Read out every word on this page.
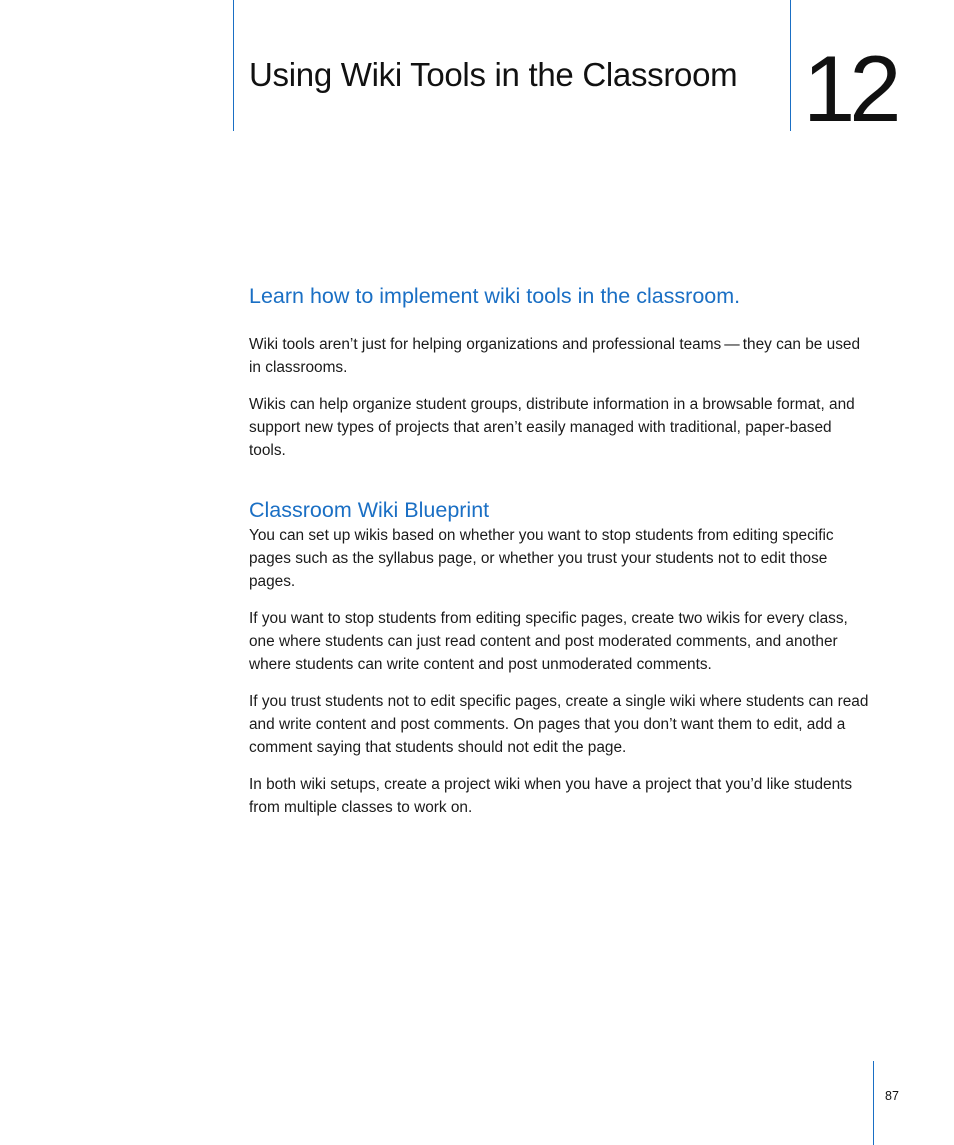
Using Wiki Tools in the Classroom 12
Learn how to implement wiki tools in the classroom.

Wiki tools aren’t just for helping organizations and professional teams — they can be used in classrooms.

Wikis can help organize student groups, distribute information in a browsable format, and support new types of projects that aren’t easily managed with traditional, paper-based tools.

Classroom Wiki Blueprint

You can set up wikis based on whether you want to stop students from editing specific pages such as the syllabus page, or whether you trust your students not to edit those pages.

If you want to stop students from editing specific pages, create two wikis for every class, one where students can just read content and post moderated comments, and another where students can write content and post unmoderated comments.

If you trust students not to edit specific pages, create a single wiki where students can read and write content and post comments. On pages that you don’t want them to edit, add a comment saying that students should not edit the page.

In both wiki setups, create a project wiki when you have a project that you’d like students from multiple classes to work on.

87
